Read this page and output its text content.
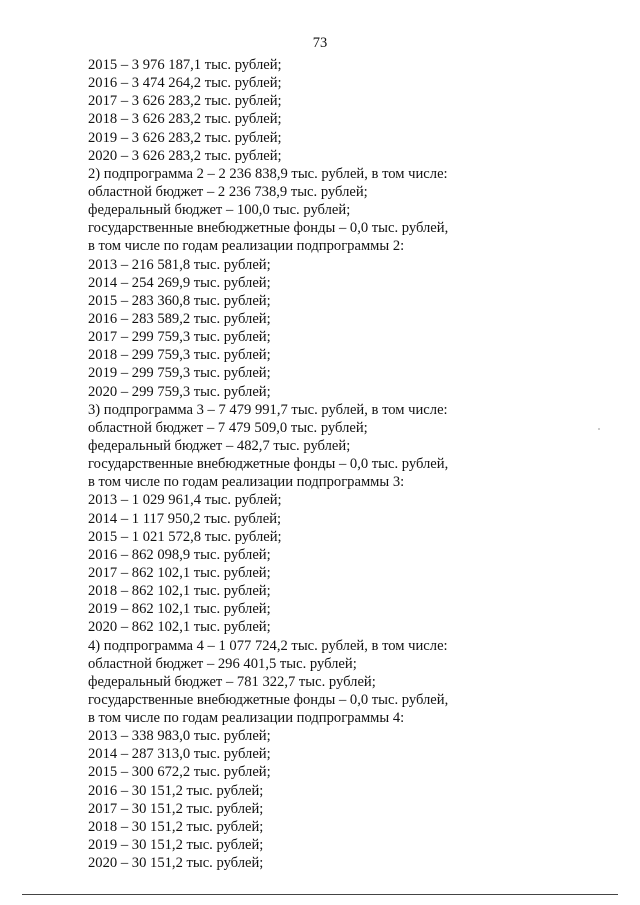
73
2015 – 3 976 187,1 тыс. рублей;
2016 – 3 474 264,2 тыс. рублей;
2017 – 3 626 283,2 тыс. рублей;
2018 – 3 626 283,2 тыс. рублей;
2019 – 3 626 283,2 тыс. рублей;
2020 – 3 626 283,2 тыс. рублей;
2) подпрограмма 2 – 2 236 838,9 тыс. рублей, в том числе:
областной бюджет – 2 236 738,9 тыс. рублей;
федеральный бюджет – 100,0 тыс. рублей;
государственные внебюджетные фонды – 0,0 тыс. рублей,
в том числе по годам реализации подпрограммы 2:
2013 – 216 581,8 тыс. рублей;
2014 – 254 269,9 тыс. рублей;
2015 – 283 360,8 тыс. рублей;
2016 – 283 589,2 тыс. рублей;
2017 – 299 759,3 тыс. рублей;
2018 – 299 759,3 тыс. рублей;
2019 – 299 759,3 тыс. рублей;
2020 – 299 759,3 тыс. рублей;
3) подпрограмма 3 – 7 479 991,7 тыс. рублей, в том числе:
областной бюджет – 7 479 509,0 тыс. рублей;
федеральный бюджет – 482,7 тыс. рублей;
государственные внебюджетные фонды – 0,0 тыс. рублей,
в том числе по годам реализации подпрограммы 3:
2013 – 1 029 961,4 тыс. рублей;
2014 – 1 117 950,2 тыс. рублей;
2015 – 1 021 572,8 тыс. рублей;
2016 – 862 098,9 тыс. рублей;
2017 – 862 102,1 тыс. рублей;
2018 – 862 102,1 тыс. рублей;
2019 – 862 102,1 тыс. рублей;
2020 – 862 102,1 тыс. рублей;
4) подпрограмма 4 – 1 077 724,2 тыс. рублей, в том числе:
областной бюджет – 296 401,5 тыс. рублей;
федеральный бюджет – 781 322,7 тыс. рублей;
государственные внебюджетные фонды – 0,0 тыс. рублей,
в том числе по годам реализации подпрограммы 4:
2013 – 338 983,0 тыс. рублей;
2014 – 287 313,0 тыс. рублей;
2015 – 300 672,2 тыс. рублей;
2016 – 30 151,2 тыс. рублей;
2017 – 30 151,2 тыс. рублей;
2018 – 30 151,2 тыс. рублей;
2019 – 30 151,2 тыс. рублей;
2020 – 30 151,2 тыс. рублей;
